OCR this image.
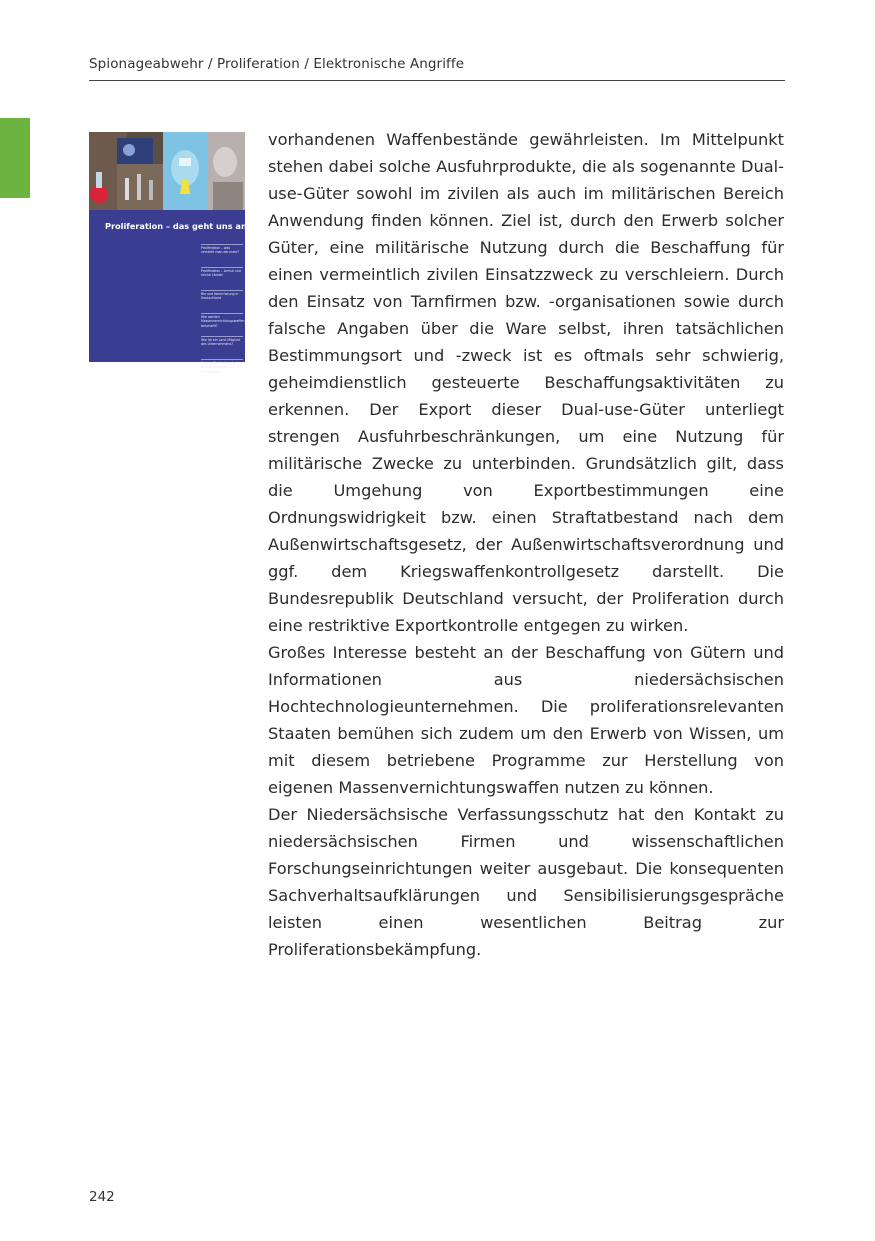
Spionageabwehr / Proliferation / Elektronische Angriffe
Proliferation – das geht uns an!
Proliferation – was versteht man darunter?
Proliferation – Armut und reiche Länder
Bio und Nachrüstung in Deutschland
Wie werden Massenvernichtungswaffen beschafft?
Wie ist ein Land Mitglied des Unternehmens?
Welche Bedeutung hat Wissensaustausch für die Proliferation?

vorhandenen Waffenbestände gewährleisten. Im Mittelpunkt stehen dabei solche Ausfuhrprodukte, die als sogenannte Dual-use-Güter sowohl im zivilen als auch im militärischen Bereich Anwendung finden können. Ziel ist, durch den Erwerb solcher Güter, eine militärische Nutzung durch die Beschaffung für einen vermeintlich zivilen Einsatzzweck zu verschleiern. Durch den Einsatz von Tarnfirmen bzw. -organisationen sowie durch falsche Angaben über die Ware selbst, ihren tatsächlichen Bestimmungsort und -zweck ist es oftmals sehr schwierig, geheimdienstlich gesteuerte Beschaffungsaktivitäten zu erkennen. Der Export dieser Dual-use-Güter unterliegt strengen Ausfuhrbeschränkungen, um eine Nutzung für militärische Zwecke zu unterbinden. Grundsätzlich gilt, dass die Umgehung von Exportbestimmungen eine Ordnungswidrigkeit bzw. einen Straftatbestand nach dem Außenwirtschaftsgesetz, der Außenwirtschaftsverordnung und ggf. dem Kriegswaffenkontrollgesetz darstellt. Die Bundesrepublik Deutschland versucht, der Proliferation durch eine restriktive Exportkontrolle entgegen zu wirken.

Großes Interesse besteht an der Beschaffung von Gütern und Informationen aus niedersächsischen Hochtechnologieunternehmen. Die proliferationsrelevanten Staaten bemühen sich zudem um den Erwerb von Wissen, um mit diesem betriebene Programme zur Herstellung von eigenen Massenvernichtungswaffen nutzen zu können.

Der Niedersächsische Verfassungsschutz hat den Kontakt zu niedersächsischen Firmen und wissenschaftlichen Forschungseinrichtungen weiter ausgebaut. Die konsequenten Sachverhaltsaufklärungen und Sensibilisierungsgespräche leisten einen wesentlichen Beitrag zur Proliferationsbekämpfung.

242
